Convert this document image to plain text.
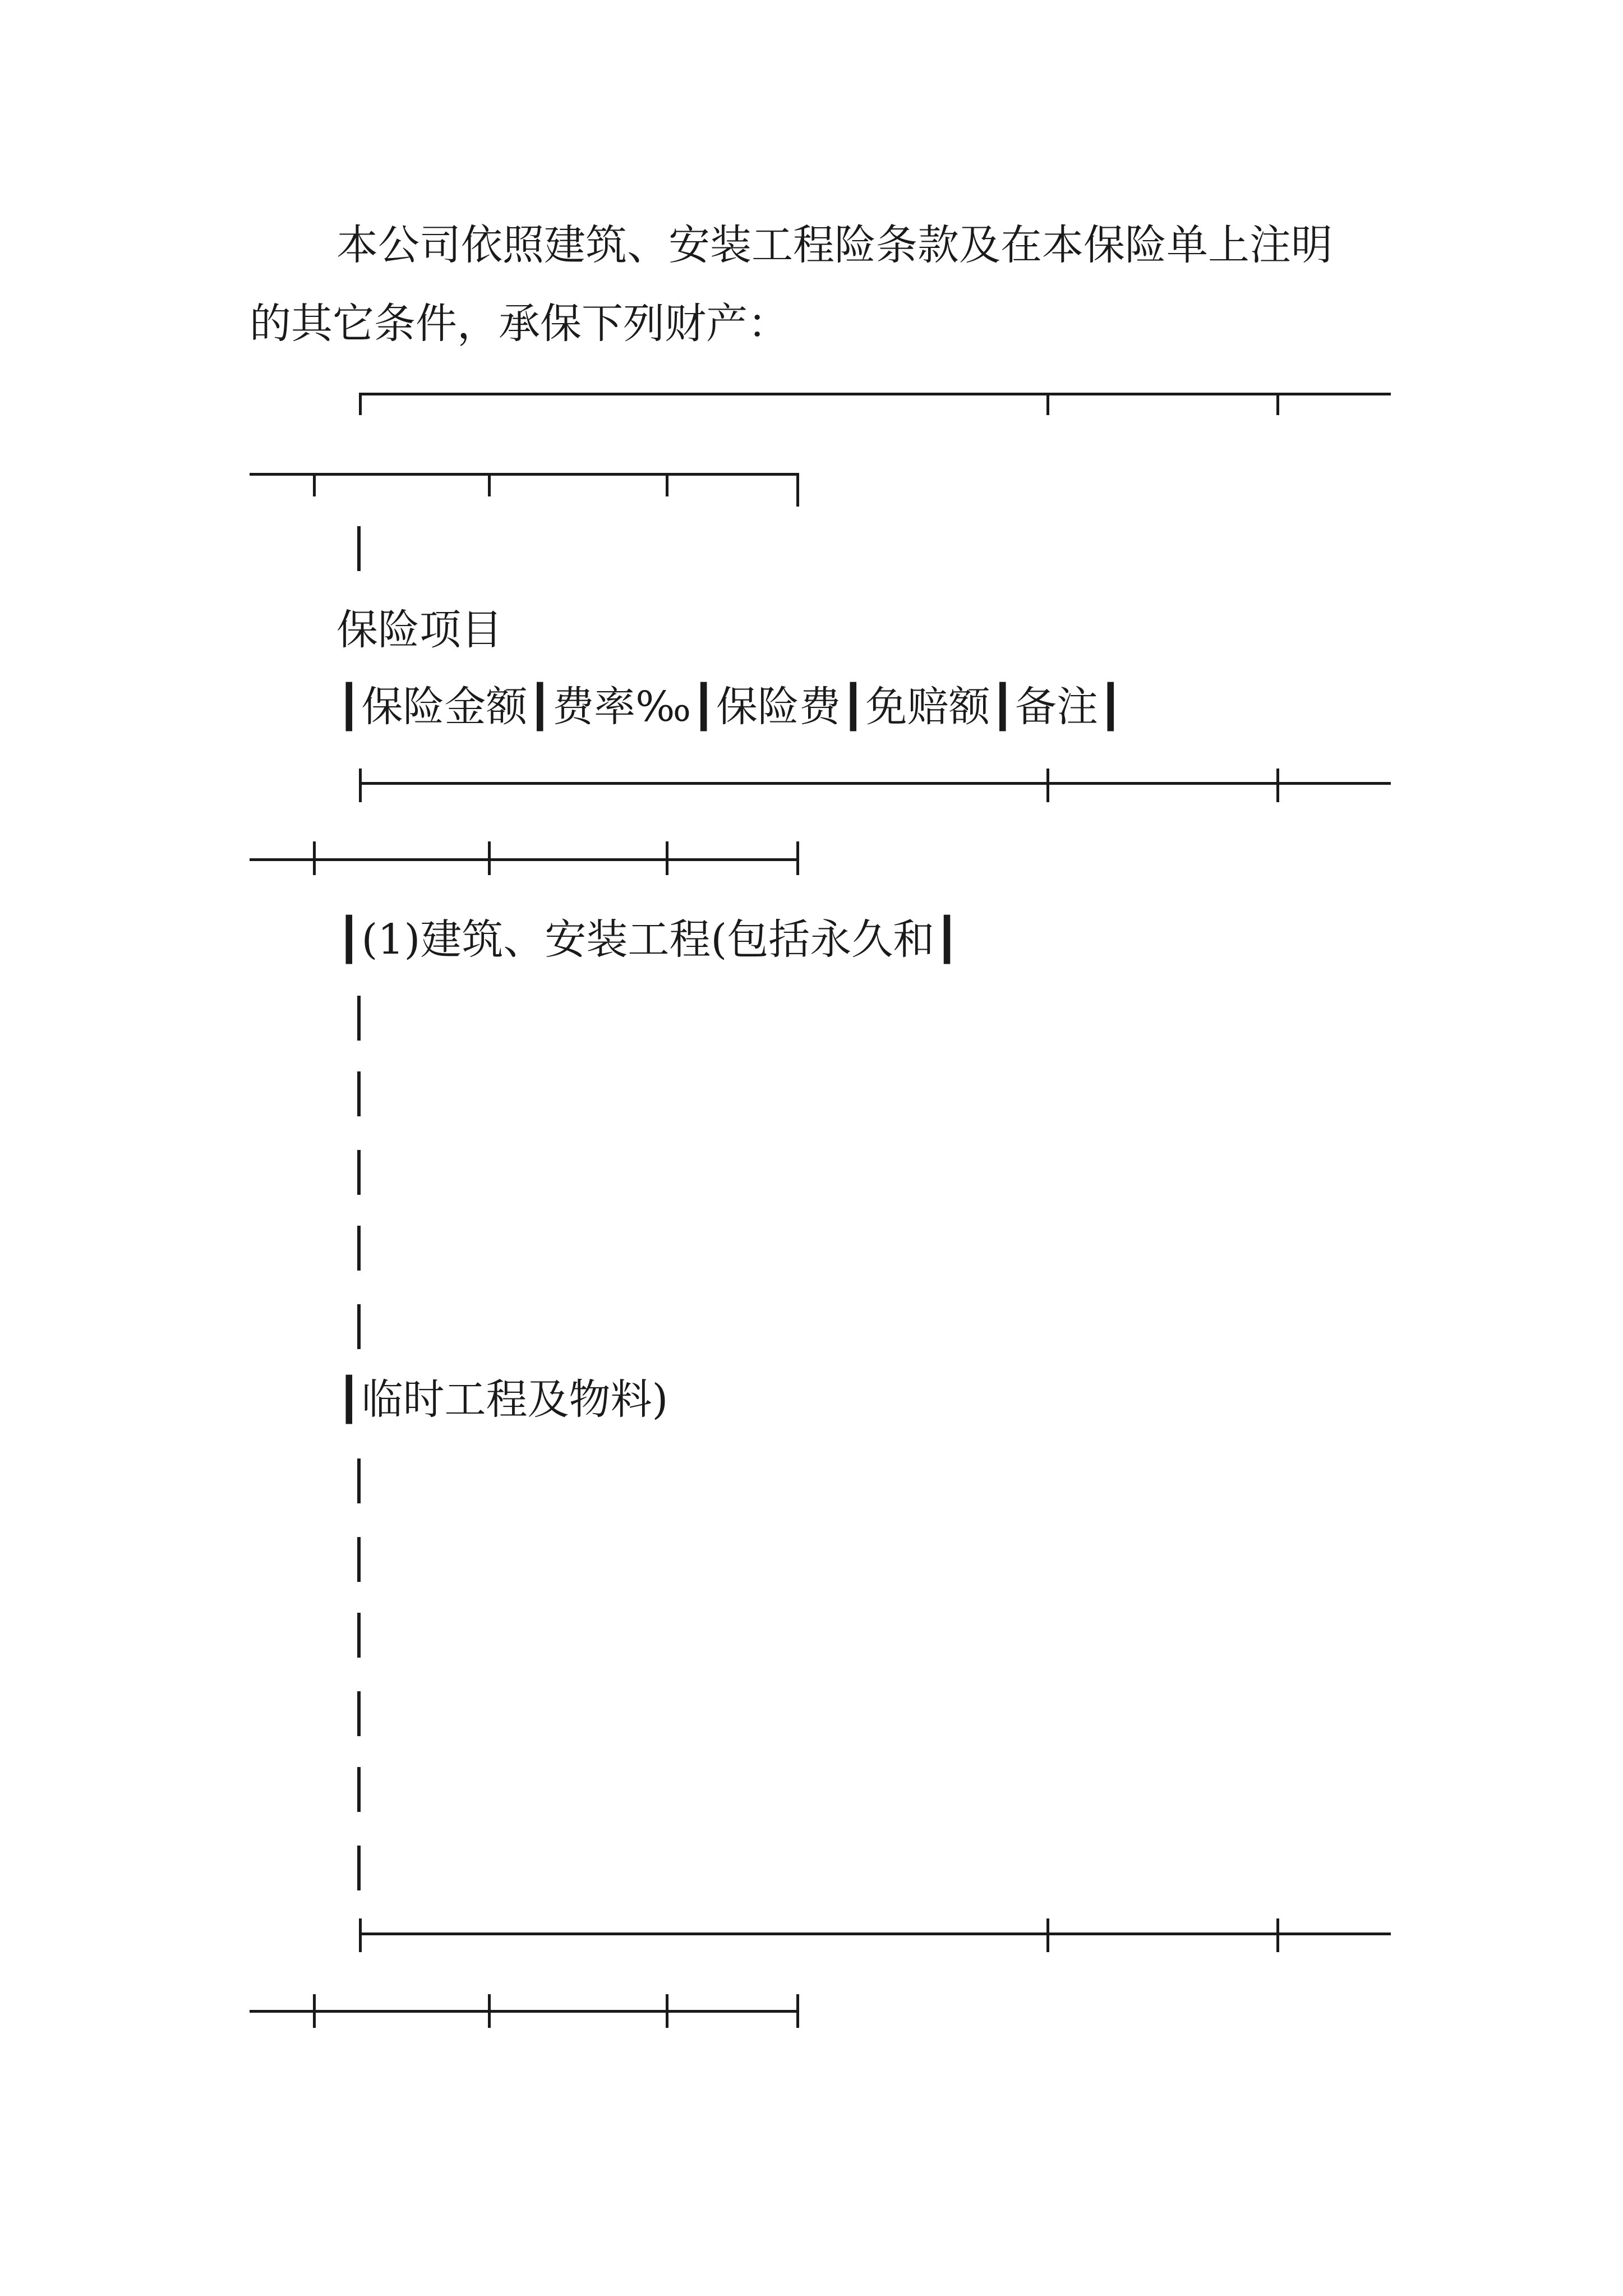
本公司依照建筑、安装工程险条款及在本保险单上注明

的其它条件，承保下列财产：

保险项目

┃保险金额┃费率‰┃保险费┃免赔额┃备注┃

┃(1)建筑、安装工程(包括永久和┃

┃临时工程及物料)
